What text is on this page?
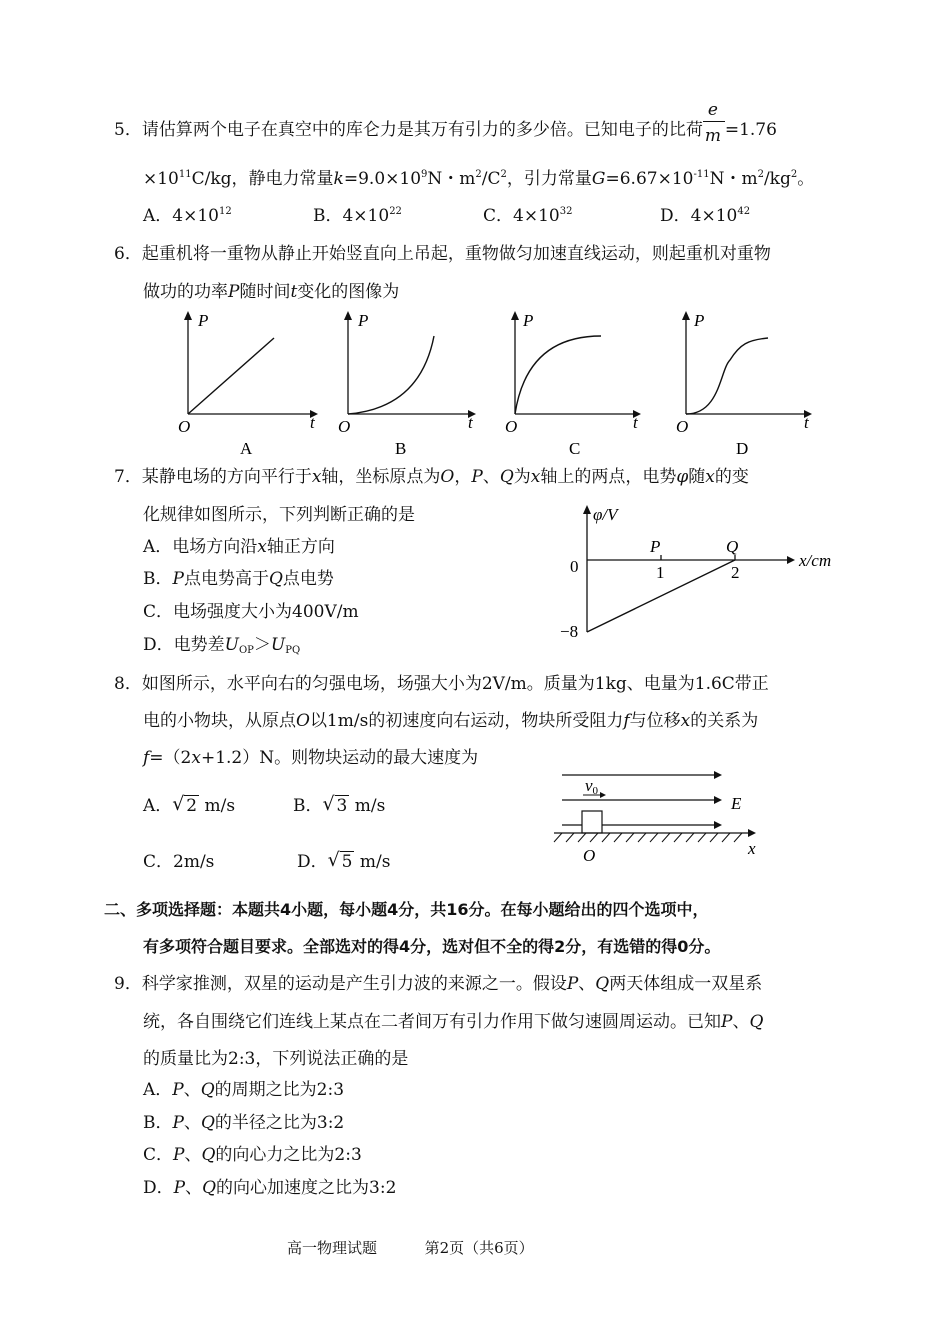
5．请估算两个电子在真空中的库仑力是其万有引力的多少倍。已知电子的比荷 $\frac{e}{m} =1.76$
$\times 10^{11}C/kg$，静电力常量$k=9.0\times 10^9N$・$m^2/C^2$，引力常量$G=6.67\times 10^{-11}N$・$m^2/kg^2$。
A．$4\times 10^{12}$	B．$4\times 10^{22}$	C．$4\times 10^{32}$	D．$4\times 10^{42}$
6．起重机将一重物从静止开始竖直向上吊起，重物做匀加速直线运动，则起重机对重物
做功的功率P随时间t变化的图像为
P
t
O
A
P
t
O
B
P
t
O
C
P
t
O
D
7．某静电场的方向平行于x轴，坐标原点为O，P、Q为x轴上的两点，电势φ随x的变
化规律如图所示，下列判断正确的是
A．电场方向沿x轴正方向
B．P点电势高于Q点电势
C．电场强度大小为400V/m
D．电势差$U_{OP}>U_{PQ}$
φ/V
x/cm
0
−8
P	Q
1	2
8．如图所示，水平向右的匀强电场，场强大小为2V/m。质量为1kg、电量为1.6C带正
电的小物块，从原点O以1m/s的初速度向右运动，物块所受阻力f与位移x的关系为
f=（2x+1.2）N。则物块运动的最大速度为
A． √ 2 m/s	B． √ 3 m/s
C．2m/s	D． √ 5 m/s
v0
E
O	x
二、多项选择题：本题共4小题，每小题4分，共16分。在每小题给出的四个选项中，
有多项符合题目要求。全部选对的得4分，选对但不全的得2分，有选错的得0分。
9．科学家推测，双星的运动是产生引力波的来源之一。假设P、Q两天体组成一双星系
统，各自围绕它们连线上某点在二者间万有引力作用下做匀速圆周运动。已知P、Q
的质量比为2:3，下列说法正确的是
A．P、Q的周期之比为2:3
B．P、Q的半径之比为3:2
C．P、Q的向心力之比为2:3
D．P、Q的向心加速度之比为3:2
高一物理试题	第2页（共6页）
